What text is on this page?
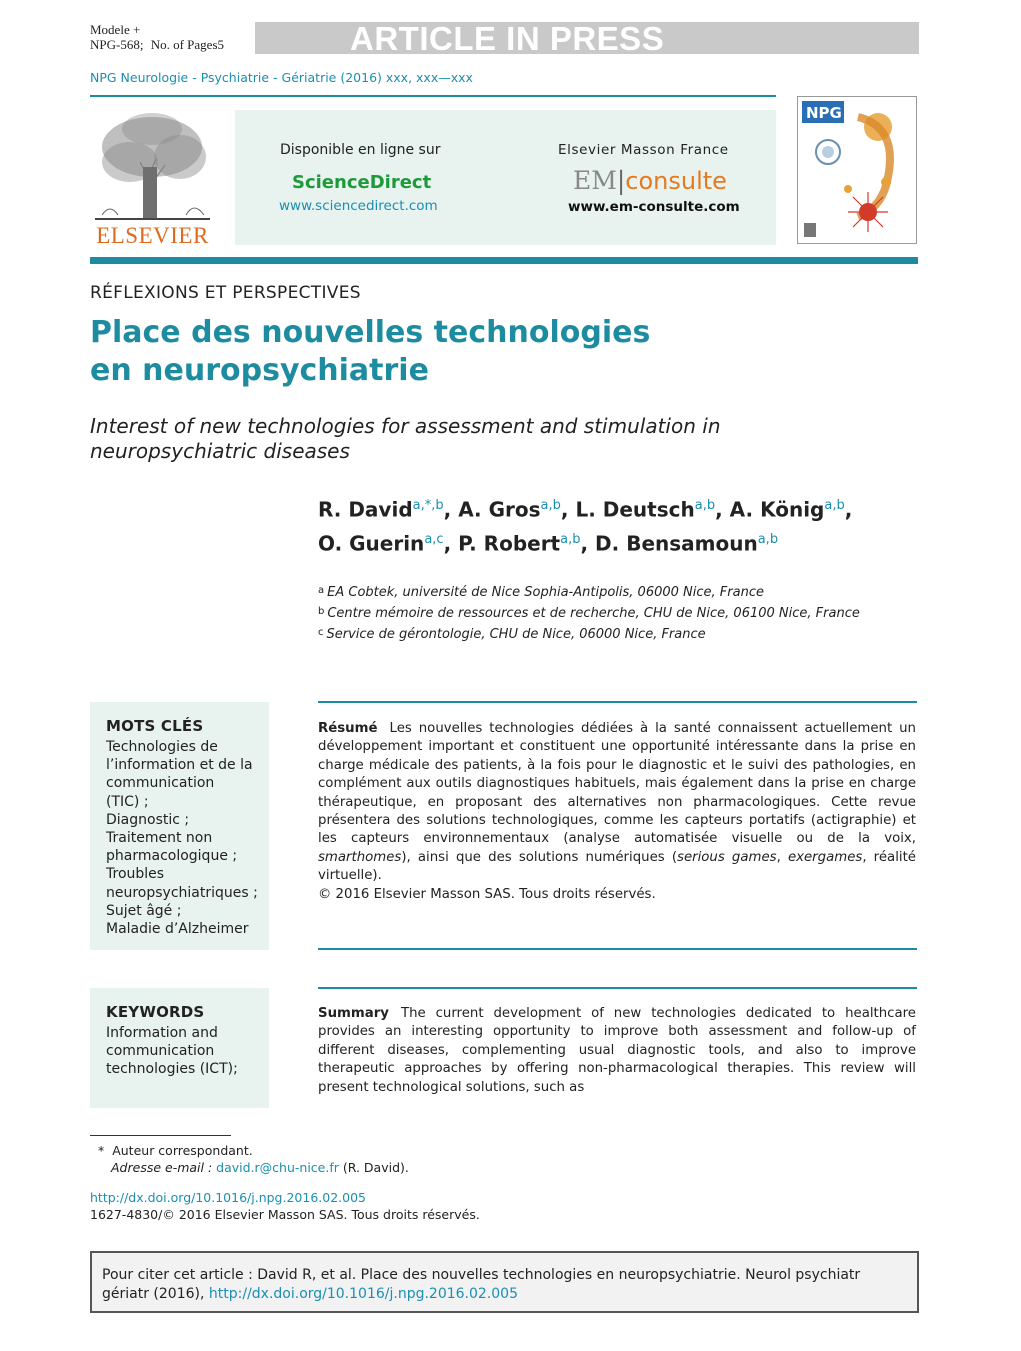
Modele +
NPG-568; No. of Pages5	ARTICLE IN PRESS
NPG Neurologie - Psychiatrie - Gériatrie (2016) xxx, xxx—xxx
ELSEVIER
Disponible en ligne sur
ScienceDirect
www.sciencedirect.com
Elsevier Masson France
EM|consulte
www.em-consulte.com
NPG
RÉFLEXIONS ET PERSPECTIVES
Place des nouvelles technologies
en neuropsychiatrie
Interest of new technologies for assessment and stimulation in
neuropsychiatric diseases
R. David$^{a,*,b}$, A. Gros$^{a,b}$, L. Deutsch$^{a,b}$, A. König$^{a,b}$,
O. Guerin$^{a,c}$, P. Robert$^{a,b}$, D. Bensamoun$^{a,b}$
$^a$ EA Cobtek, université de Nice Sophia-Antipolis, 06000 Nice, France
$^b$ Centre mémoire de ressources et de recherche, CHU de Nice, 06100 Nice, France
$^c$ Service de gérontologie, CHU de Nice, 06000 Nice, France
MOTS CLÉS
Technologies de
l’information et de la
communication
(TIC) ;
Diagnostic ;
Traitement non
pharmacologique ;
Troubles
neuropsychiatriques ;
Sujet âgé ;
Maladie d’Alzheimer
Résumé Les nouvelles technologies dédiées à la santé connaissent actuellement un développement important et constituent une opportunité intéressante dans la prise en charge médicale des patients, à la fois pour le diagnostic et le suivi des pathologies, en complément aux outils diagnostiques habituels, mais également dans la prise en charge thérapeutique, en proposant des alternatives non pharmacologiques. Cette revue présentera des solutions technologiques, comme les capteurs portatifs (actigraphie) et les capteurs environnementaux (analyse automatisée visuelle ou de la voix, smarthomes), ainsi que des solutions numériques (serious games, exergames, réalité virtuelle).
© 2016 Elsevier Masson SAS. Tous droits réservés.
KEYWORDS
Information and
communication
technologies (ICT);
Summary The current development of new technologies dedicated to healthcare provides an interesting opportunity to improve both assessment and follow-up of different diseases, complementing usual diagnostic tools, and also to improve therapeutic approaches by offering non-pharmacological therapies. This review will present technological solutions, such as
* Auteur correspondant.
Adresse e-mail : david.r@chu-nice.fr (R. David).
http://dx.doi.org/10.1016/j.npg.2016.02.005
1627-4830/© 2016 Elsevier Masson SAS. Tous droits réservés.
Pour citer cet article : David R, et al. Place des nouvelles technologies en neuropsychiatrie. Neurol psychiatr gériatr (2016), http://dx.doi.org/10.1016/j.npg.2016.02.005
